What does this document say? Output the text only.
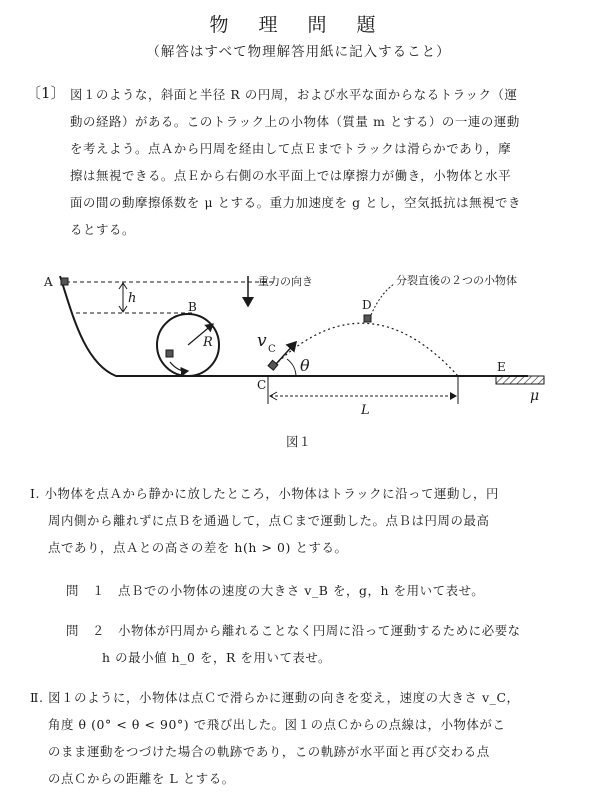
物 理 問 題
（解答はすべて物理解答用紙に記入すること）
〔1〕 図１のような，斜面と半径 R の円周，および水平な面からなるトラック（運
動の経路）がある。このトラック上の小物体（質量 m とする）の一連の運動
を考えよう。点Ａから円周を経由して点Ｅまでトラックは滑らかであり，摩
擦は無視できる。点Ｅから右側の水平面上では摩擦力が働き，小物体と水平
面の間の動摩擦係数を μ とする。重力加速度を g とし，空気抵抗は無視でき
るとする。
A
B
C
D
E
h
R	v C
θ
L
μ
重力の向き	分裂直後の２つの小物体
図１
Ⅰ. 小物体を点Ａから静かに放したところ，小物体はトラックに沿って運動し，円
周内側から離れずに点Ｂを通過して，点Ｃまで運動した。点Ｂは円周の最高
点であり，点Ａとの高さの差を h(h > 0) とする。
問　１　点Ｂでの小物体の速度の大きさ v_B を，g，h を用いて表せ。
問　２　小物体が円周から離れることなく円周に沿って運動するために必要な
h の最小値 h_0 を，R を用いて表せ。
Ⅱ. 図１のように，小物体は点Ｃで滑らかに運動の向きを変え，速度の大きさ v_C，
角度 θ (0° < θ < 90°) で飛び出した。図１の点Ｃからの点線は，小物体がこ
のまま運動をつづけた場合の軌跡であり，この軌跡が水平面と再び交わる点
の点Ｃからの距離を L とする。
